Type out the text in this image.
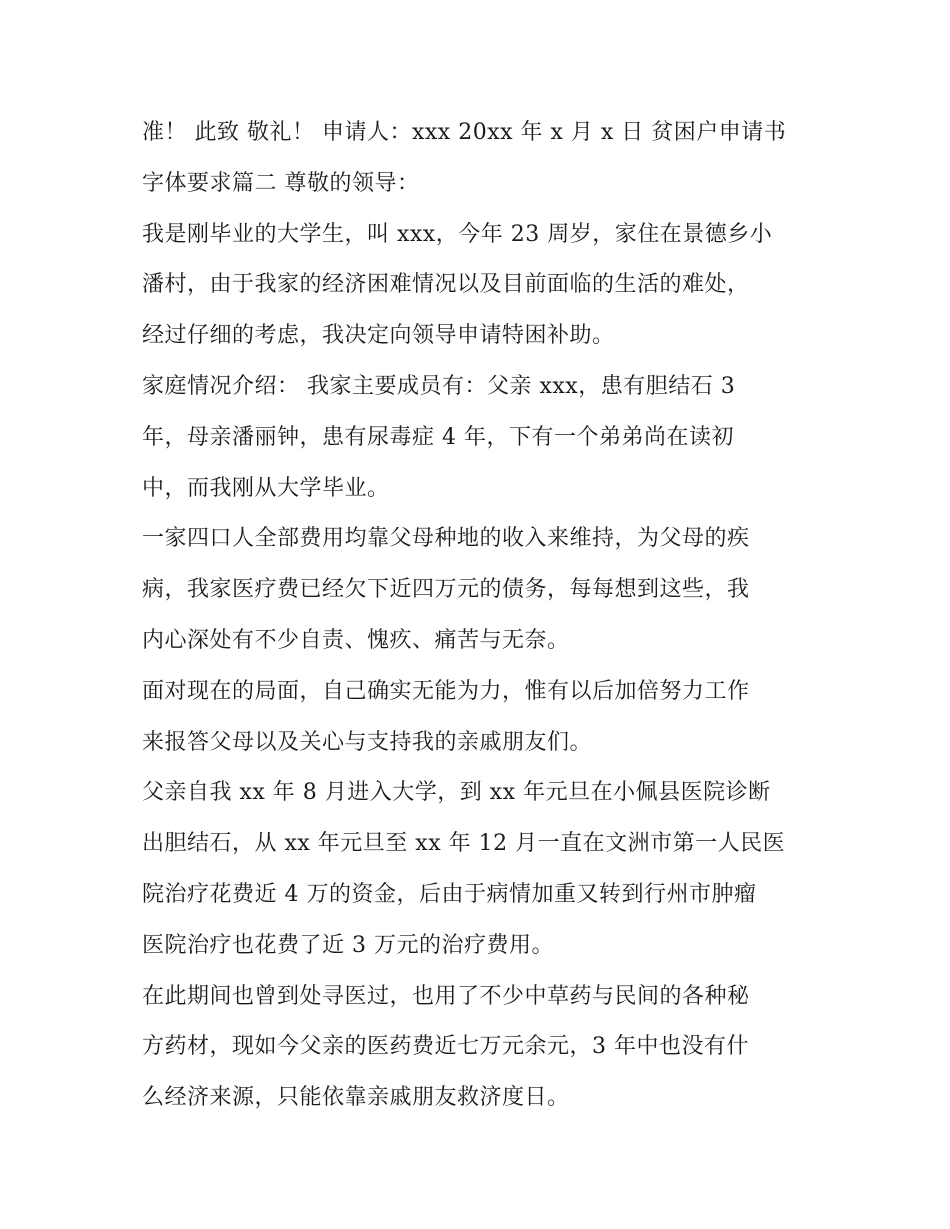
准！ 此致 敬礼！ 申请人：xxx 20xx 年 x 月 x 日 贫困户申请书
字体要求篇二 尊敬的领导：
我是刚毕业的大学生，叫 xxx，今年 23 周岁，家住在景德乡小
潘村，由于我家的经济困难情况以及目前面临的生活的难处，
经过仔细的考虑，我决定向领导申请特困补助。
家庭情况介绍： 我家主要成员有：父亲 xxx，患有胆结石 3
年，母亲潘丽钟，患有尿毒症 4 年，下有一个弟弟尚在读初
中，而我刚从大学毕业。
一家四口人全部费用均靠父母种地的收入来维持，为父母的疾
病，我家医疗费已经欠下近四万元的债务，每每想到这些，我
内心深处有不少自责、愧疚、痛苦与无奈。
面对现在的局面，自己确实无能为力，惟有以后加倍努力工作
来报答父母以及关心与支持我的亲戚朋友们。
父亲自我 xx 年 8 月进入大学，到 xx 年元旦在小佩县医院诊断
出胆结石，从 xx 年元旦至 xx 年 12 月一直在文洲市第一人民医
院治疗花费近 4 万的资金，后由于病情加重又转到行州市肿瘤
医院治疗也花费了近 3 万元的治疗费用。
在此期间也曾到处寻医过，也用了不少中草药与民间的各种秘
方药材，现如今父亲的医药费近七万元余元，3 年中也没有什
么经济来源，只能依靠亲戚朋友救济度日。
